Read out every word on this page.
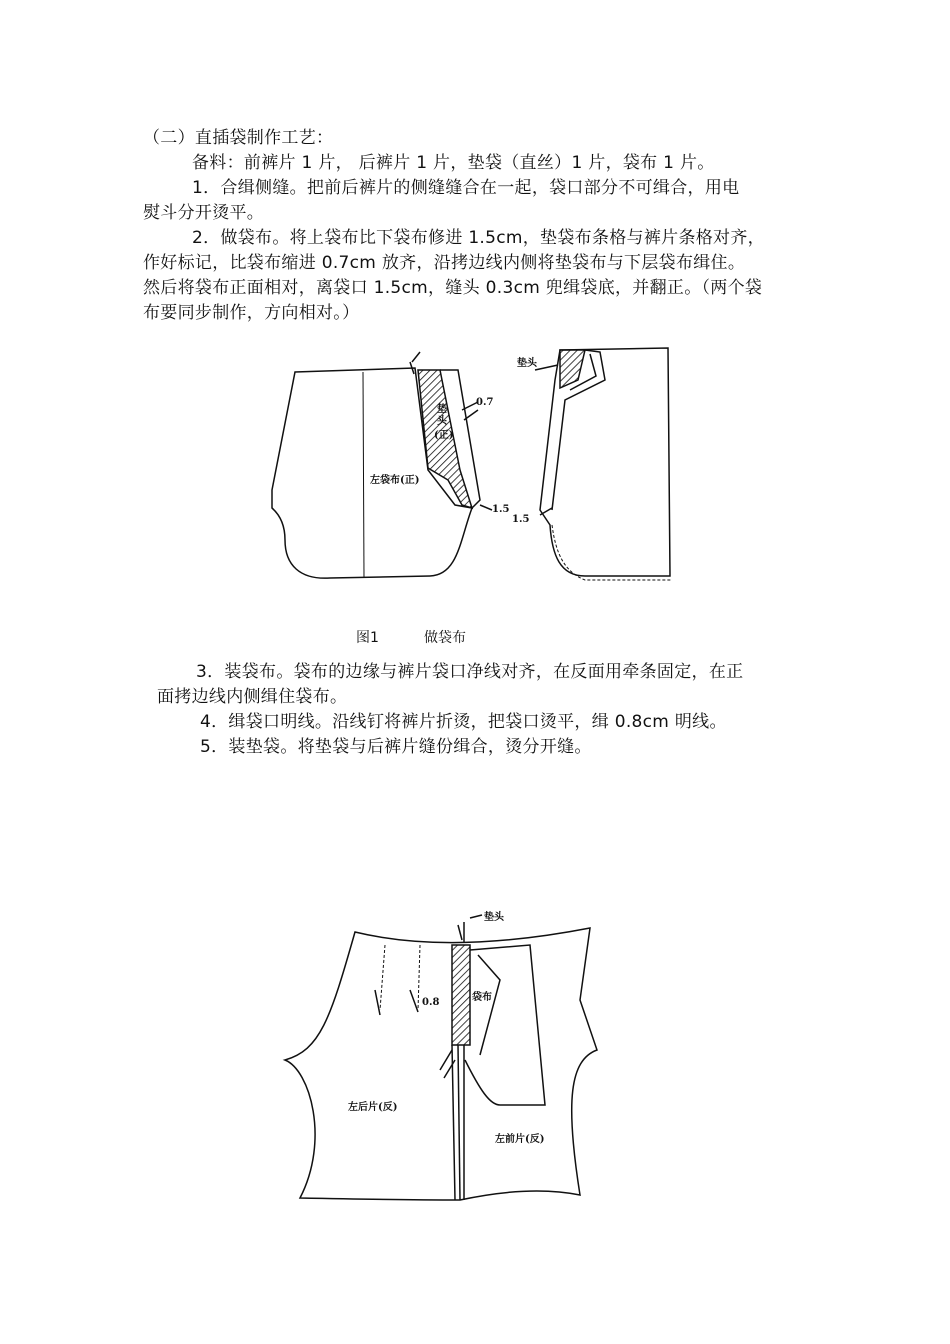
（二）直插袋制作工艺：
备料：前裤片 1 片， 后裤片 1 片，垫袋（直丝）1 片，袋布 1 片。
1．合缉侧缝。把前后裤片的侧缝缝合在一起，袋口部分不可缉合，用电
熨斗分开烫平。
2．做袋布。将上袋布比下袋布修进 1.5cm，垫袋布条格与裤片条格对齐，
作好标记，比袋布缩进 0.7cm 放齐，沿拷边线内侧将垫袋布与下层袋布缉住。
然后将袋布正面相对，离袋口 1.5cm，缝头 0.3cm 兜缉袋底，并翻正。（两个袋
布要同步制作，方向相对。）
左袋布(正)
垫
头
(正)
0.7
1.5
垫头
1.5
图1	做袋布
3．装袋布。袋布的边缘与裤片袋口净线对齐，在反面用牵条固定，在正
面拷边线内侧缉住袋布。
4．缉袋口明线。沿线钉将裤片折烫，把袋口烫平，缉 0.8cm 明线。
5．装垫袋。将垫袋与后裤片缝份缉合，烫分开缝。
垫头
袋布
0.8
左后片(反)
左前片(反)
